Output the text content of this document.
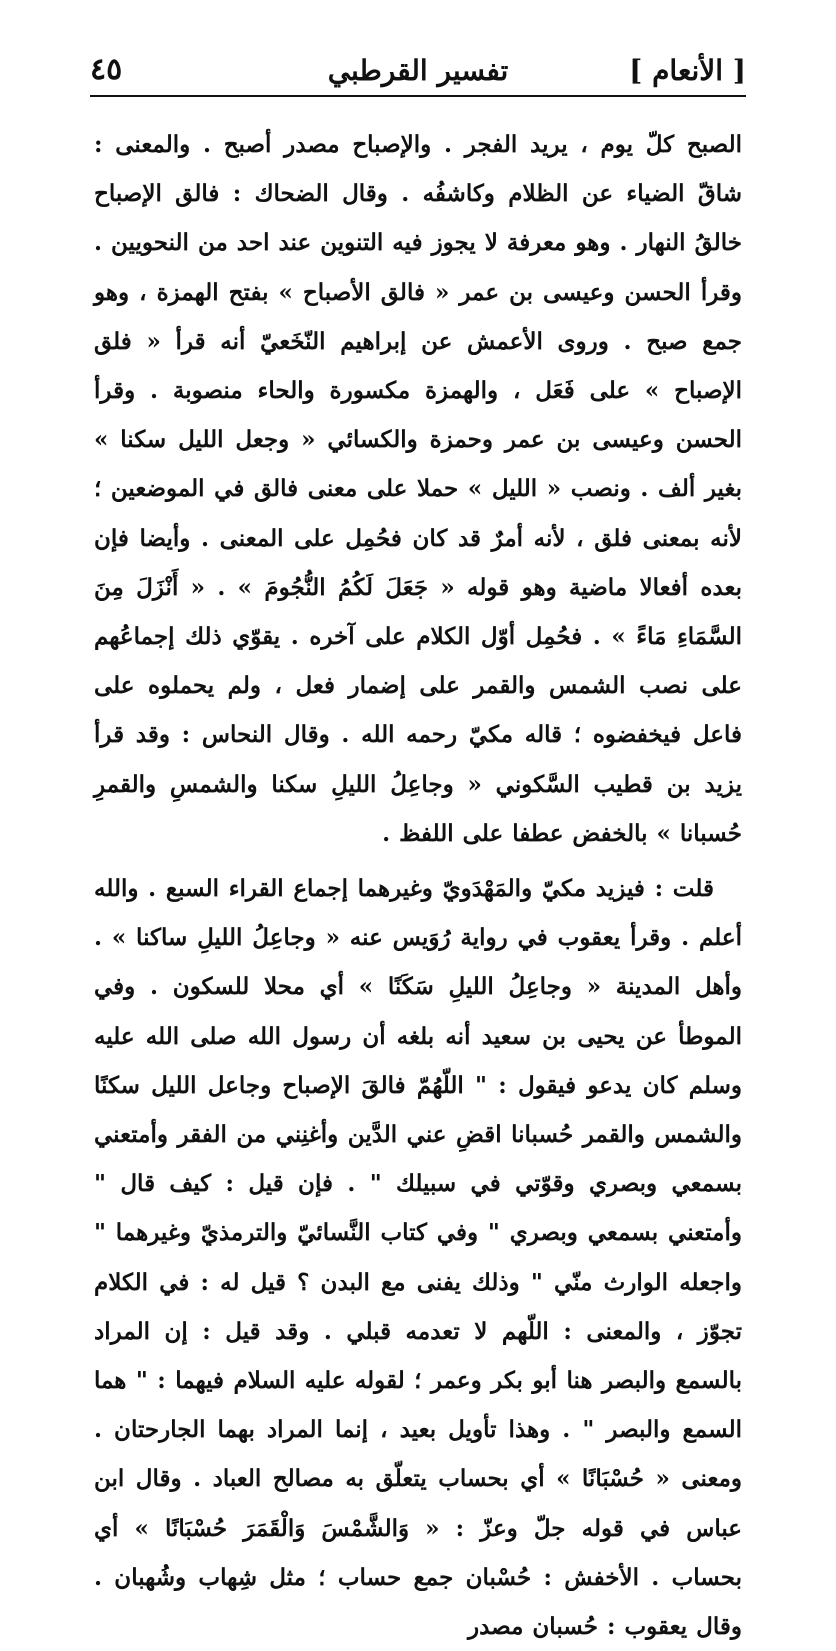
[ الأنعام ]
تفسير القرطبي
٤٥

الصبح كلّ يوم ، يريد الفجر . والإصباح مصدر أصبح . والمعنى : شاقّ الضياء عن الظلام وكاشفُه . وقال الضحاك : فالق الإصباح خالقُ النهار . وهو معرفة لا يجوز فيه التنوين عند احد من النحويين . وقرأ الحسن وعيسى بن عمر « فالق الأصباح » بفتح الهمزة ، وهو جمع صبح . وروى الأعمش عن إبراهيم النّخَعيّ أنه قرأ « فلق الإصباح » على فَعَل ، والهمزة مكسورة والحاء منصوبة . وقرأ الحسن وعيسى بن عمر وحمزة والكسائي « وجعل الليل سكنا » بغير ألف . ونصب « الليل » حملا على معنى فالق في الموضعين ؛ لأنه بمعنى فلق ، لأنه أمرٌ قد كان فحُمِل على المعنى . وأيضا فإن بعده أفعالا ماضية وهو قوله « جَعَلَ لَكُمُ النُّجُومَ » . « أَنْزَلَ مِنَ السَّمَاءِ مَاءً » . فحُمِل أوّل الكلام على آخره . يقوّي ذلك إجماعُهم على نصب الشمس والقمر على إضمار فعل ، ولم يحملوه على فاعل فيخفضوه ؛ قاله مكيّ رحمه الله . وقال النحاس : وقد قرأ يزيد بن قطيب السَّكوني « وجاعِلُ الليلِ سكنا والشمسِ والقمرِ حُسبانا » بالخفض عطفا على اللفظ .

قلت : فيزيد مكيّ والمَهْدَويّ وغيرهما إجماع القراء السبع . والله أعلم . وقرأ يعقوب في رواية رُوَيس عنه « وجاعِلُ الليلِ ساكنا » . وأهل المدينة « وجاعِلُ الليلِ سَكَنًا » أي محلا للسكون . وفي الموطأ عن يحيى بن سعيد أنه بلغه أن رسول الله صلى الله عليه وسلم كان يدعو فيقول : " اللّهُمّ فالقَ الإصباح وجاعل الليل سكنًا والشمس والقمر حُسبانا اقضِ عني الدَّين وأغنِني من الفقر وأمتعني بسمعي وبصري وقوّتي في سبيلك " . فإن قيل : كيف قال " وأمتعني بسمعي وبصري " وفي كتاب النَّسائيّ والترمذيّ وغيرهما " واجعله الوارث منّي " وذلك يفنى مع البدن ؟ قيل له : في الكلام تجوّز ، والمعنى : اللّهم لا تعدمه قبلي . وقد قيل : إن المراد بالسمع والبصر هنا أبو بكر وعمر ؛ لقوله عليه السلام فيهما : " هما السمع والبصر " . وهذا تأويل بعيد ، إنما المراد بهما الجارحتان . ومعنى « حُسْبَانًا » أي بحساب يتعلّق به مصالح العباد . وقال ابن عباس في قوله جلّ وعزّ : « وَالشَّمْسَ وَالْقَمَرَ حُسْبَانًا » أي بحساب . الأخفش : حُسْبان جمع حساب ؛ مثل شِهاب وشُهبان . وقال يعقوب : حُسبان مصدر
